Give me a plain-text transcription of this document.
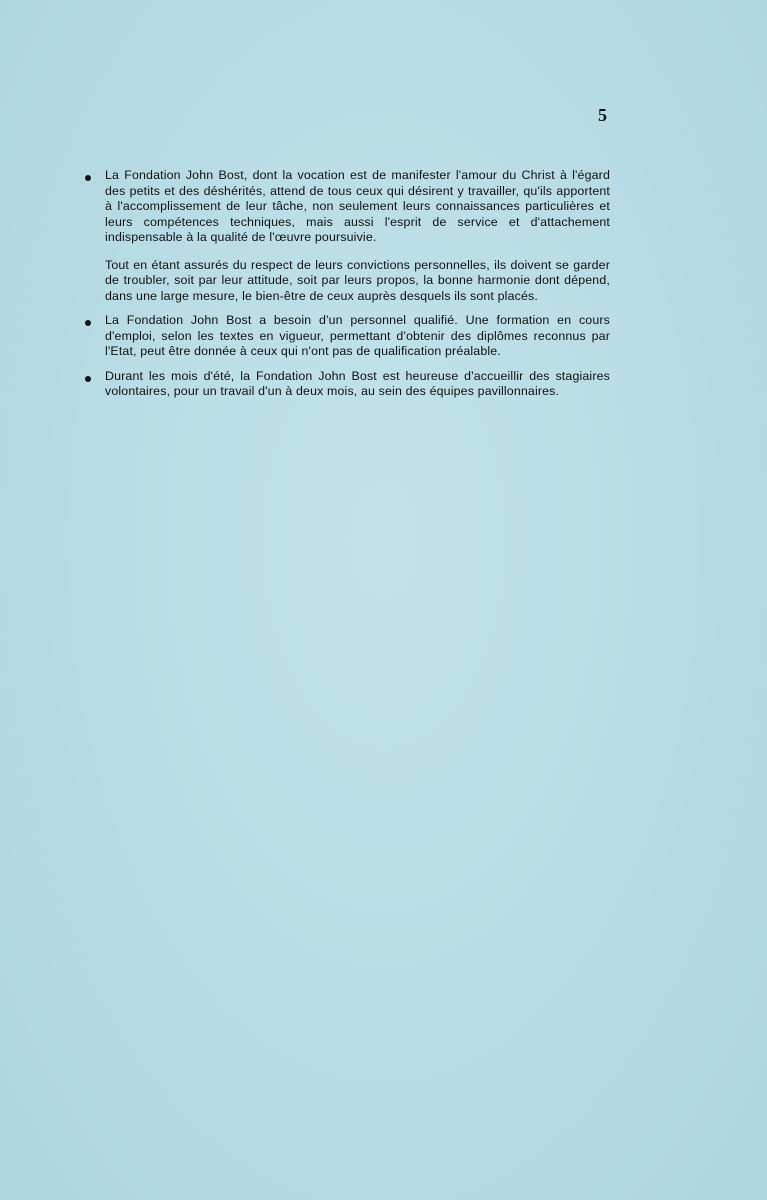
5

La Fondation John Bost, dont la vocation est de manifester l'amour du Christ à l'égard des petits et des déshérités, attend de tous ceux qui désirent y travailler, qu'ils apportent à l'accomplissement de leur tâche, non seulement leurs connaissances particulières et leurs compétences techniques, mais aussi l'esprit de service et d'attachement indispensable à la qualité de l'œuvre poursuivie.

Tout en étant assurés du respect de leurs convictions personnelles, ils doivent se garder de troubler, soit par leur attitude, soit par leurs propos, la bonne harmonie dont dépend, dans une large mesure, le bien-être de ceux auprès desquels ils sont placés.

La Fondation John Bost a besoin d'un personnel qualifié. Une formation en cours d'emploi, selon les textes en vigueur, permettant d'obtenir des diplômes reconnus par l'Etat, peut être donnée à ceux qui n'ont pas de qualification préalable.

Durant les mois d'été, la Fondation John Bost est heureuse d'accueillir des stagiaires volontaires, pour un travail d'un à deux mois, au sein des équipes pavillonnaires.
